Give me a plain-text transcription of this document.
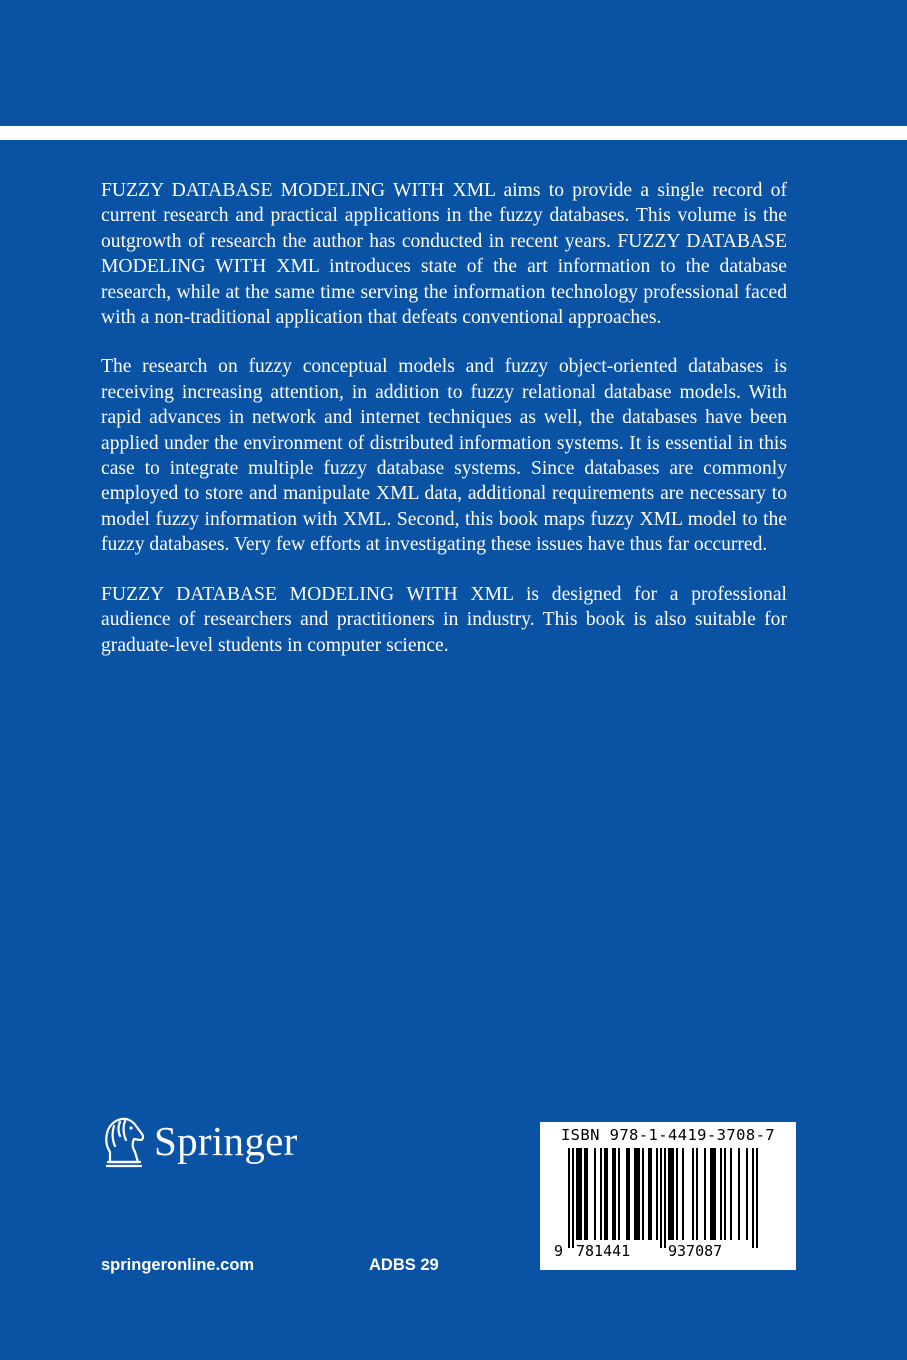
FUZZY DATABASE MODELING WITH XML aims to provide a single record of current research and practical applications in the fuzzy databases. This volume is the outgrowth of research the author has conducted in recent years. FUZZY DATABASE MODELING WITH XML introduces state of the art information to the database research, while at the same time serving the information technology professional faced with a non-traditional application that defeats conventional approaches.

The research on fuzzy conceptual models and fuzzy object-oriented databases is receiving increasing attention, in addition to fuzzy relational database models. With rapid advances in network and internet techniques as well, the databases have been applied under the environment of distributed information systems. It is essential in this case to integrate multiple fuzzy database systems. Since databases are commonly employed to store and manipulate XML data, additional requirements are necessary to model fuzzy information with XML. Second, this book maps fuzzy XML model to the fuzzy databases. Very few efforts at investigating these issues have thus far occurred.

FUZZY DATABASE MODELING WITH XML is designed for a professional audience of researchers and practitioners in industry. This book is also suitable for graduate-level students in computer science.

Springer
springeronline.com	ADBS 29
ISBN 978-1-4419-3708-7
9 781441	937087
